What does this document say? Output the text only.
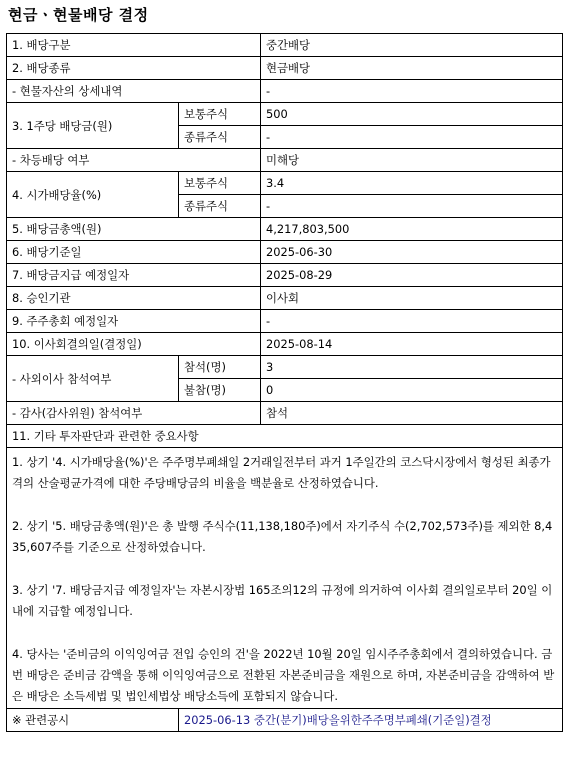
현금ㆍ현물배당 결정
1. 배당구분		중간배당
2. 배당종류		현금배당
- 현물자산의 상세내역		-
3. 1주당 배당금(원)	보통주식	500
	종류주식	-
- 차등배당 여부		미해당
4. 시가배당율(%)	보통주식	3.4
	종류주식	-
5. 배당금총액(원)		4,217,803,500
6. 배당기준일		2025-06-30
7. 배당금지급 예정일자		2025-08-29
8. 승인기관		이사회
9. 주주총회 예정일자		-
10. 이사회결의일(결정일)		2025-08-14
- 사외이사 참석여부	참석(명)	3
	불참(명)	0
- 감사(감사위원) 참석여부		참석
11. 기타 투자판단과 관련한 중요사항		

1. 상기 '4. 시가배당율(%)'은 주주명부폐쇄일 2거래일전부터 과거 1주일간의 코스닥시장에서 형성된 최종가격의 산술평균가격에 대한 주당배당금의 비율을 백분율로 산정하였습니다.

2. 상기 '5. 배당금총액(원)'은 총 발행 주식수(11,138,180주)에서 자기주식 수(2,702,573주)를 제외한 8,435,607주를 기준으로 산정하였습니다.

3. 상기 '7. 배당금지급 예정일자'는 자본시장법 165조의12의 규정에 의거하여 이사회 결의일로부터 20일 이내에 지급할 예정입니다.

4. 당사는 '준비금의 이익잉여금 전입 승인의 건'을 2022년 10월 20일 임시주주총회에서 결의하였습니다. 금번 배당은 준비금 감액을 통해 이익잉여금으로 전환된 자본준비금을 재원으로 하며, 자본준비금을 감액하여 받은 배당은 소득세법 및 법인세법상 배당소득에 포함되지 않습니다.		

※ 관련공시	2025-06-13 중간(분기)배당을위한주주명부폐쇄(기준일)결정	
